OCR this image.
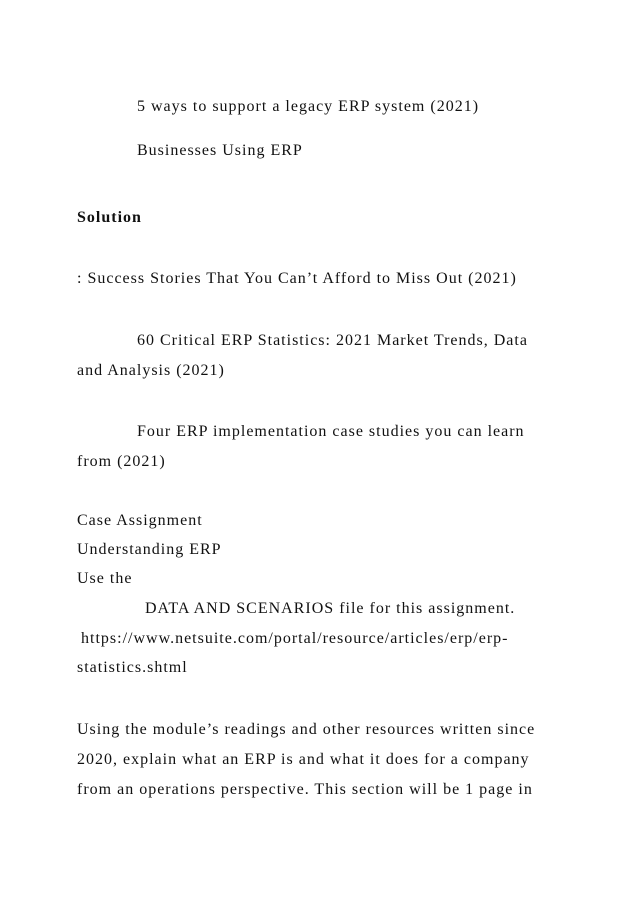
5 ways to support a legacy ERP system (2021)
Businesses Using ERP
Solution
: Success Stories That You Can’t Afford to Miss Out (2021)
60 Critical ERP Statistics: 2021 Market Trends, Data
and Analysis (2021)
Four ERP implementation case studies you can learn
from (2021)
Case Assignment
Understanding ERP
Use the
DATA AND SCENARIOS file for this assignment.
https://www.netsuite.com/portal/resource/articles/erp/erp-
statistics.shtml
Using the module’s readings and other resources written since
2020, explain what an ERP is and what it does for a company
from an operations perspective. This section will be 1 page in
